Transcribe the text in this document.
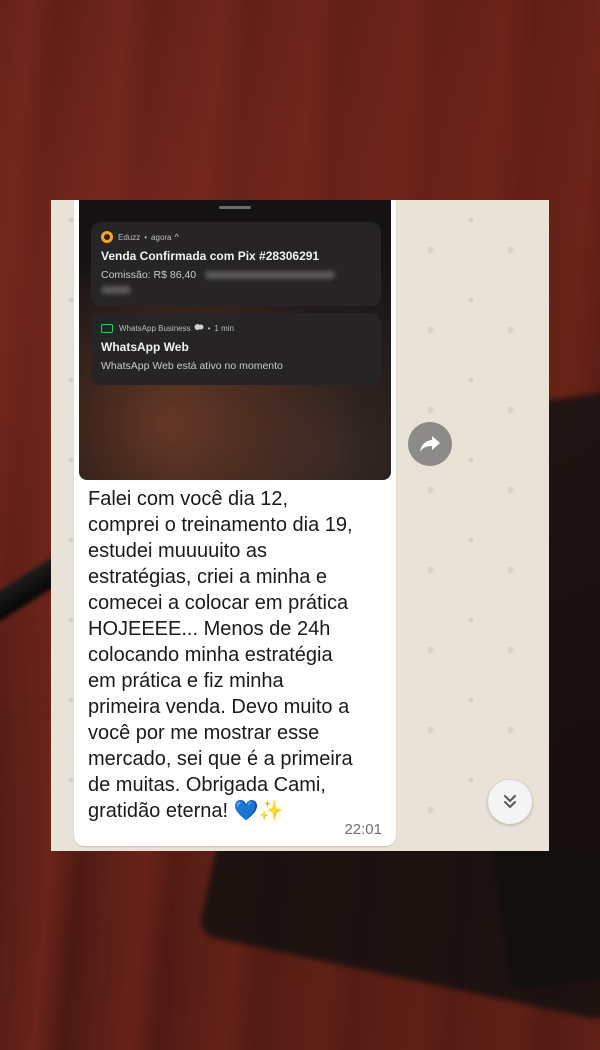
Eduzz • agora ^
Venda Confirmada com Pix #28306291
Comissão: R$ 86,40
WhatsApp Business • 1 min
WhatsApp Web
WhatsApp Web está ativo no momento
Falei com você dia 12,
comprei o treinamento dia 19,
estudei muuuuito as
estratégias, criei a minha e
comecei a colocar em prática
HOJEEEE... Menos de 24h
colocando minha estratégia
em prática e fiz minha
primeira venda. Devo muito a
você por me mostrar esse
mercado, sei que é a primeira
de muitas. Obrigada Cami,
gratidão eterna! 💙✨
22:01
